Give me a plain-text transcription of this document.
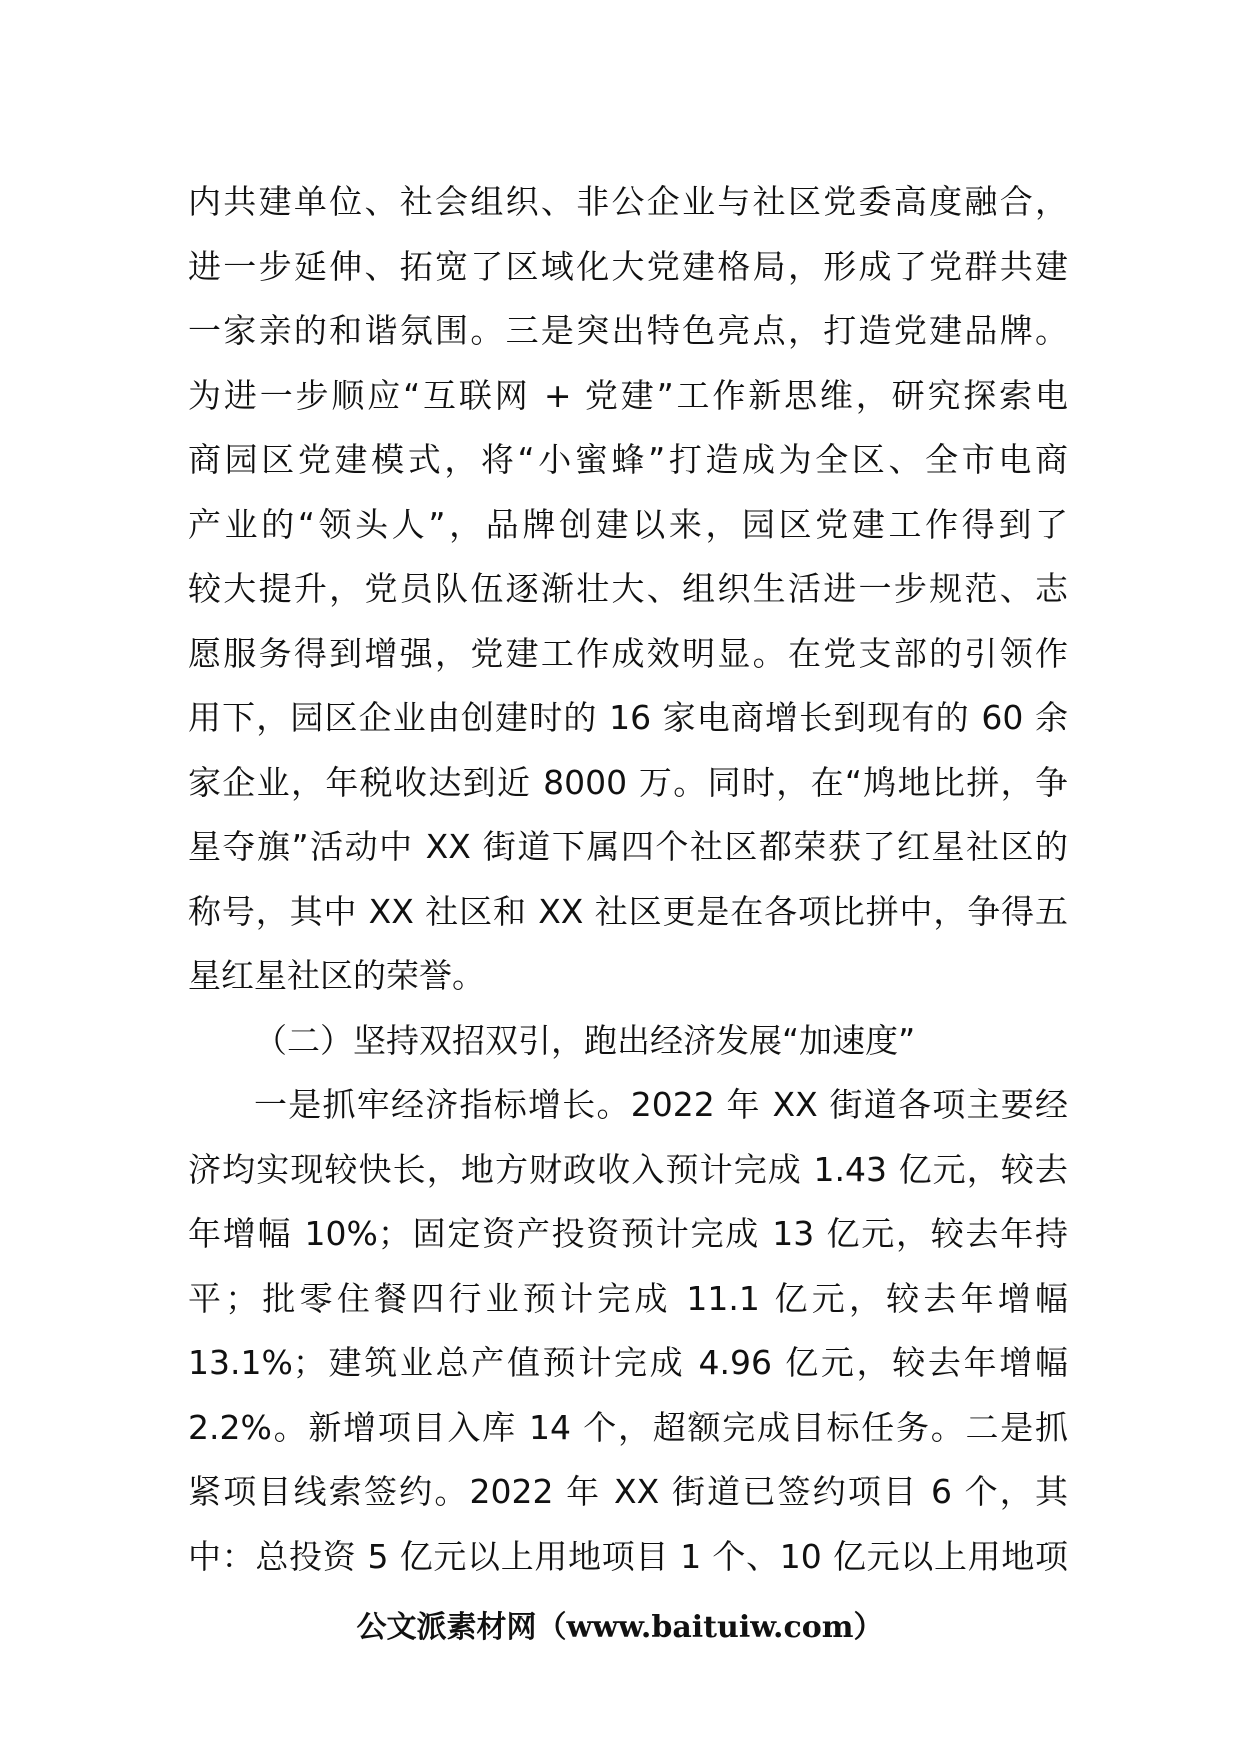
内共建单位、社会组织、非公企业与社区党委高度融合，
进一步延伸、拓宽了区域化大党建格局，形成了党群共建
一家亲的和谐氛围。三是突出特色亮点，打造党建品牌。
为进一步顺应“互联网 + 党建”工作新思维，研究探索电
商园区党建模式，将“小蜜蜂”打造成为全区、全市电商
产业的“领头人”，品牌创建以来，园区党建工作得到了
较大提升，党员队伍逐渐壮大、组织生活进一步规范、志
愿服务得到增强，党建工作成效明显。在党支部的引领作
用下，园区企业由创建时的 16 家电商增长到现有的 60 余
家企业，年税收达到近 8000 万。同时，在“鸠地比拼，争
星夺旗”活动中 XX 街道下属四个社区都荣获了红星社区的
称号，其中 XX 社区和 XX 社区更是在各项比拼中，争得五
星红星社区的荣誉。
（二）坚持双招双引，跑出经济发展“加速度”
一是抓牢经济指标增长。2022 年 XX 街道各项主要经
济均实现较快长，地方财政收入预计完成 1.43 亿元，较去
年增幅 10%；固定资产投资预计完成 13 亿元，较去年持
平；批零住餐四行业预计完成 11.1 亿元，较去年增幅
13.1%；建筑业总产值预计完成 4.96 亿元，较去年增幅
2.2%。新增项目入库 14 个，超额完成目标任务。二是抓
紧项目线索签约。2022 年 XX 街道已签约项目 6 个，其
中：总投资 5 亿元以上用地项目 1 个、10 亿元以上用地项
公文派素材网（www.baituiw.com）
